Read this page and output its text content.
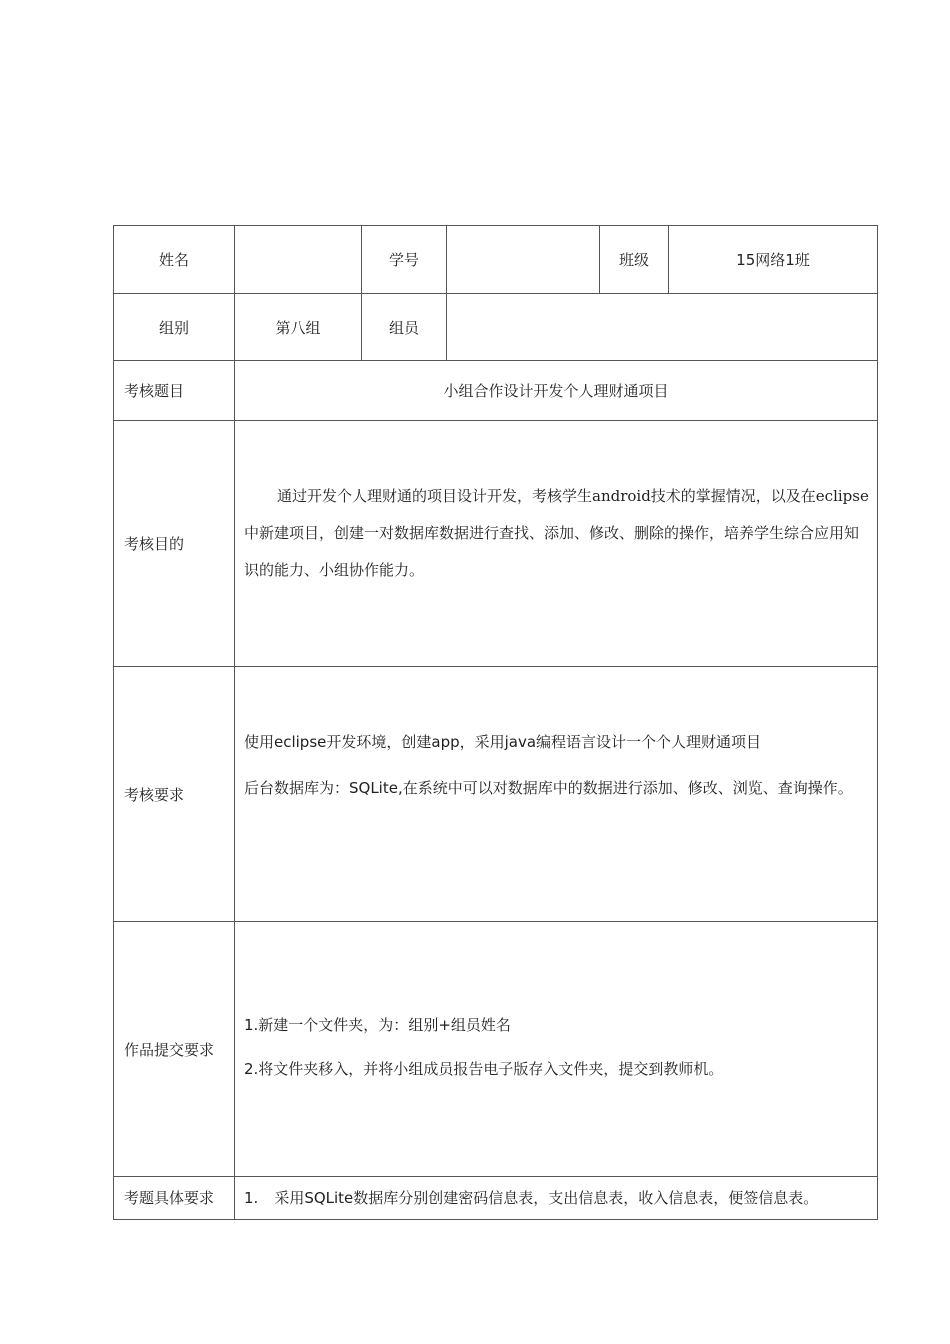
姓名		学号		班级	15网络1班
组别	第八组	组员			
考核题目	小组合作设计开发个人理财通项目				
考核目的	通过开发个人理财通的项目设计开发，考核学生android技术的掌握情况，以及在eclipse中新建项目，创建一对数据库数据进行查找、添加、修改、删除的操作，培养学生综合应用知识的能力、小组协作能力。				

考核要求	使用eclipse开发环境，创建app，采用java编程语言设计一个个人理财通项目

后台数据库为：SQLite,在系统中可以对数据库中的数据进行添加、修改、浏览、查询操作。				

作品提交要求	1.新建一个文件夹，为：组别+组员姓名

2.将文件夹移入，并将小组成员报告电子版存入文件夹，提交到教师机。				

考题具体要求	1. 采用SQLite数据库分别创建密码信息表，支出信息表，收入信息表，便签信息表。				
